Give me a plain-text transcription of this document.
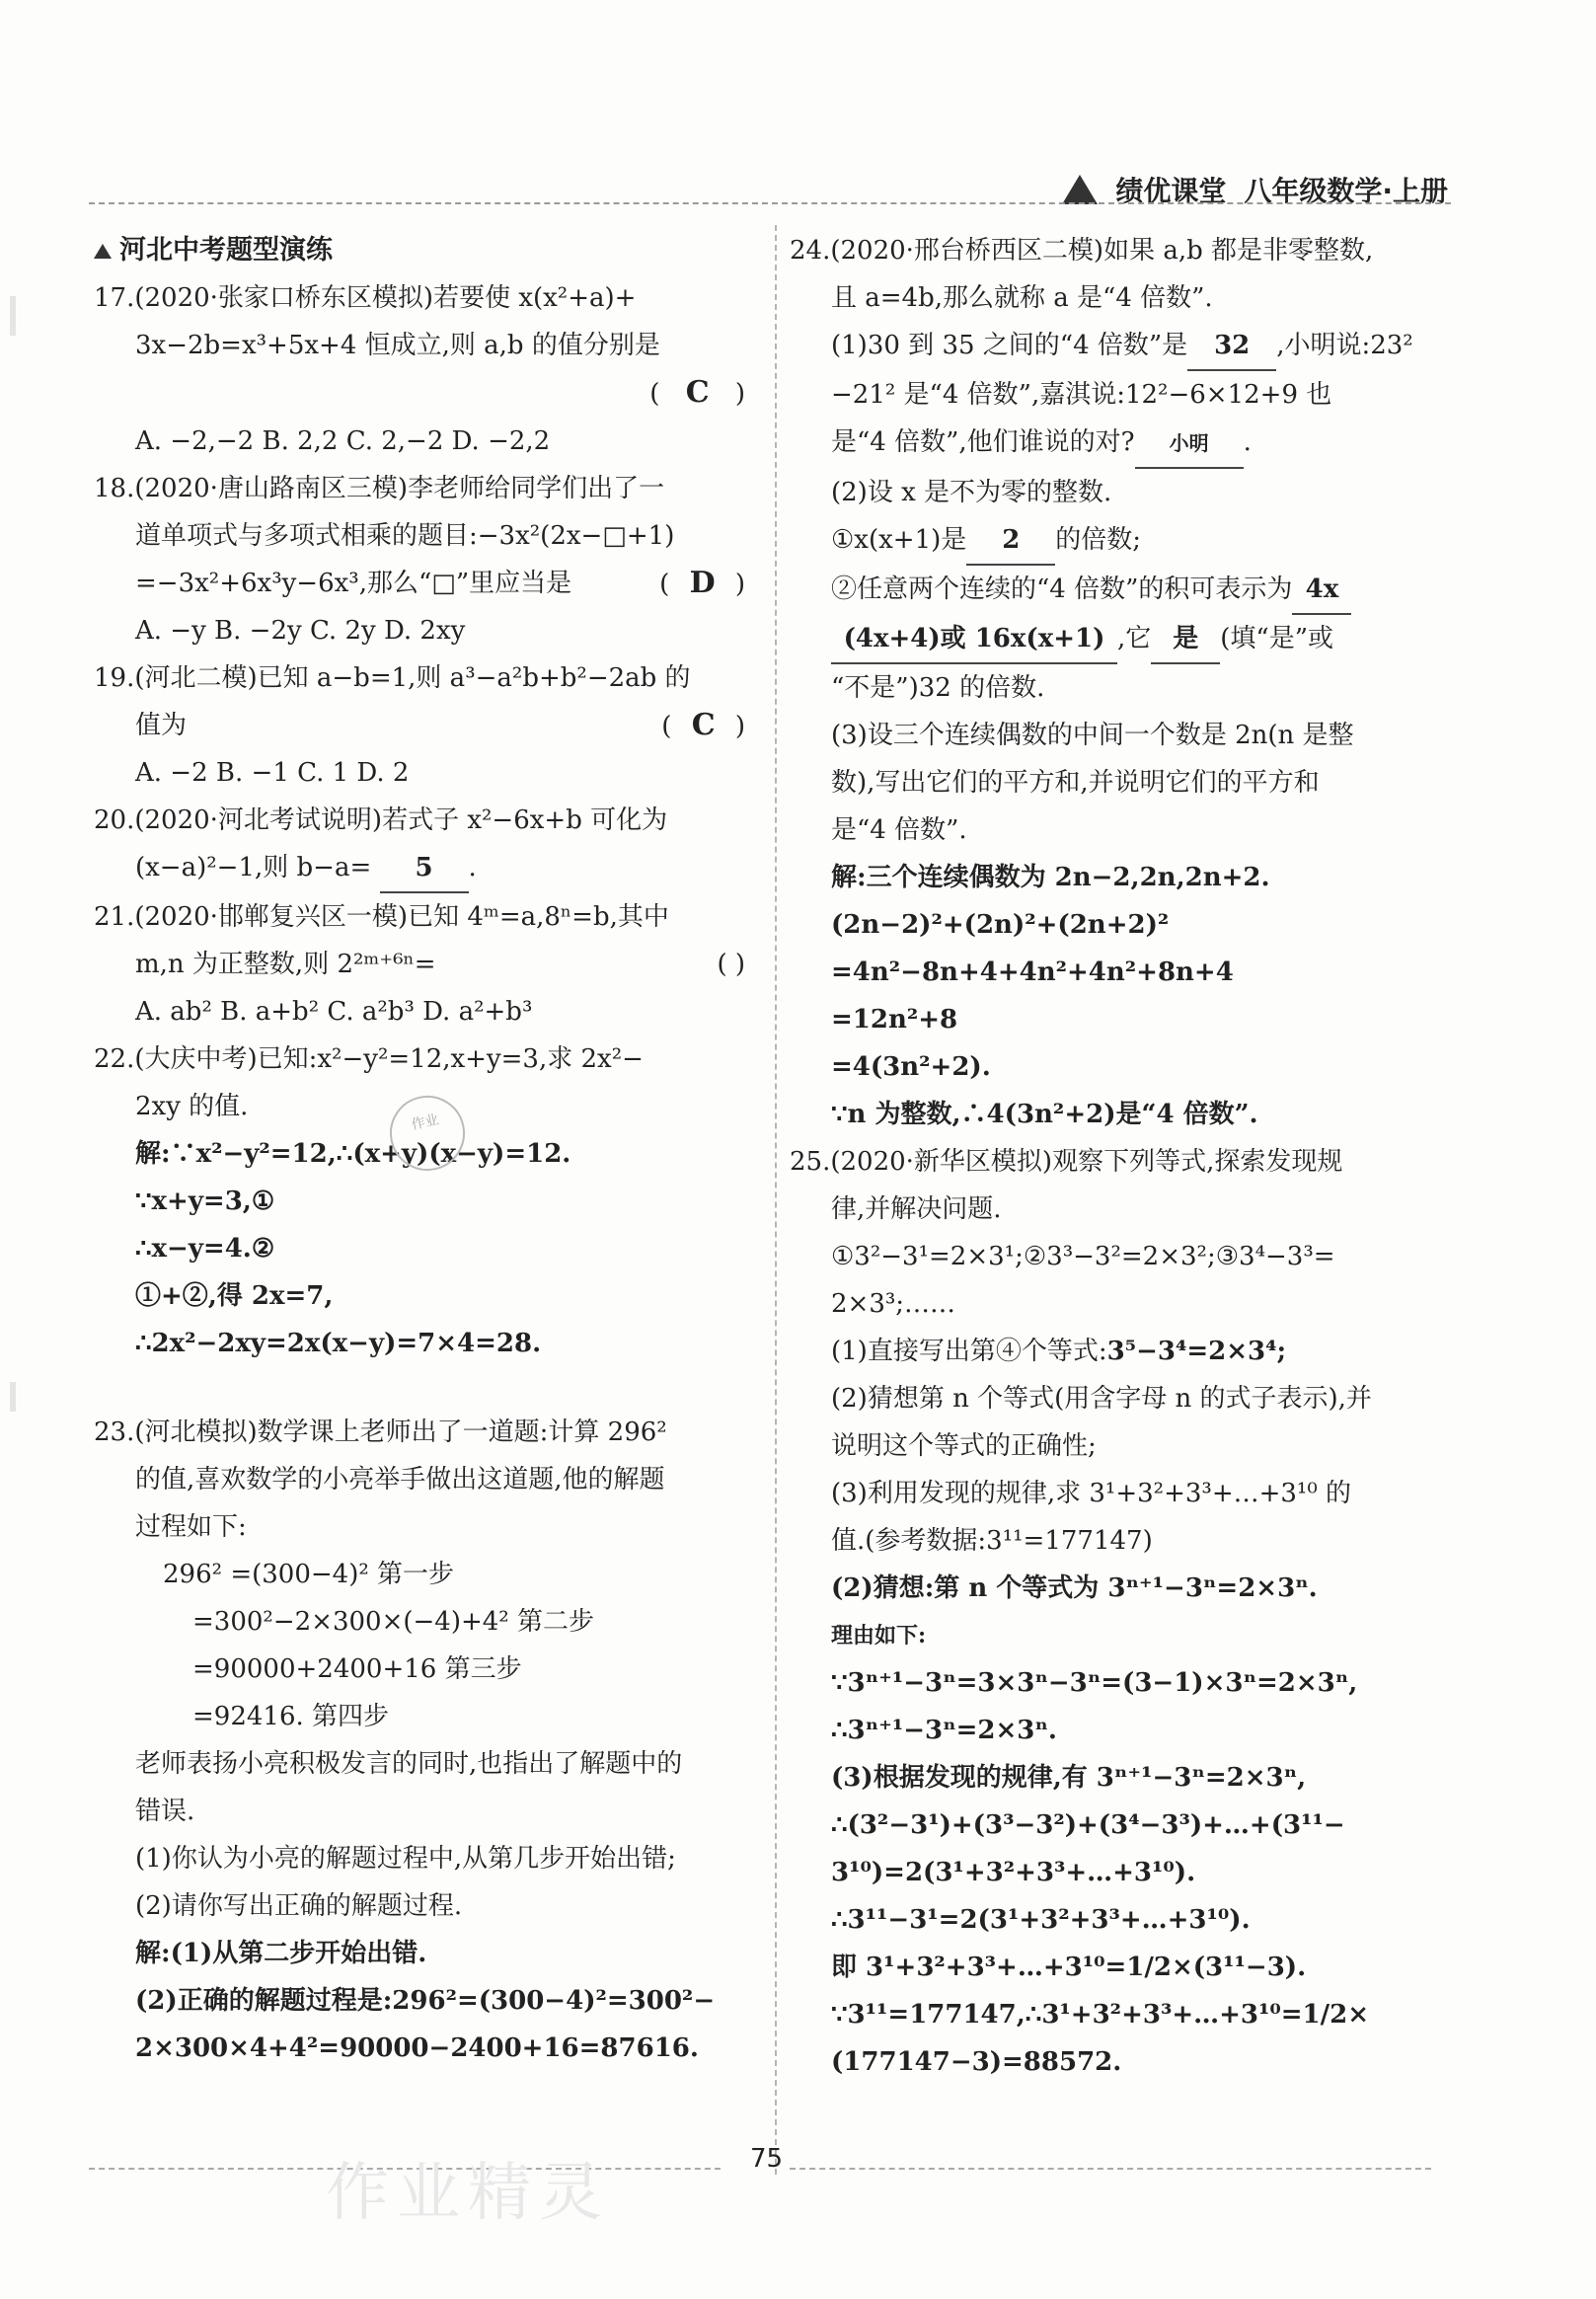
绩优课堂 八年级数学·上册
河北中考题型演练

17.(2020·张家口桥东区模拟)若要使 x(x²+a)+

3x−2b=x³+5x+4 恒成立,则 a,b 的值分别是

( C )

A. −2,−2 B. 2,2 C. 2,−2 D. −2,2

18.(2020·唐山路南区三模)李老师给同学们出了一

道单项式与多项式相乘的题目:−3x²(2x−□+1)

=−3x²+6x³y−6x³,那么“□”里应当是	( D )

A. −y B. −2y C. 2y D. 2xy

19.(河北二模)已知 a−b=1,则 a³−a²b+b²−2ab 的

值为	( C )

A. −2 B. −1 C. 1 D. 2

20.(2020·河北考试说明)若式子 x²−6x+b 可化为

(x−a)²−1,则 b−a= 5 .

21.(2020·邯郸复兴区一模)已知 4ᵐ=a,8ⁿ=b,其中

m,n 为正整数,则 2²ᵐ⁺⁶ⁿ=	( )

A. ab² B. a+b² C. a²b³ D. a²+b³

22.(大庆中考)已知:x²−y²=12,x+y=3,求 2x²−

2xy 的值.

解:∵x²−y²=12,∴(x+y)(x−y)=12.

∵x+y=3,①

∴x−y=4.②

①+②,得 2x=7,

∴2x²−2xy=2x(x−y)=7×4=28.

23.(河北模拟)数学课上老师出了一道题:计算 296²

的值,喜欢数学的小亮举手做出这道题,他的解题

过程如下:

296² =(300−4)² 第一步

=300²−2×300×(−4)+4² 第二步

=90000+2400+16 第三步

=92416. 第四步

老师表扬小亮积极发言的同时,也指出了解题中的

错误.

(1)你认为小亮的解题过程中,从第几步开始出错;

(2)请你写出正确的解题过程.

解:(1)从第二步开始出错.

(2)正确的解题过程是:296²=(300−4)²=300²−

2×300×4+4²=90000−2400+16=87616.

作业

24.(2020·邢台桥西区二模)如果 a,b 都是非零整数,

且 a=4b,那么就称 a 是“4 倍数”.

(1)30 到 35 之间的“4 倍数”是 32 ,小明说:23²

−21² 是“4 倍数”,嘉淇说:12²−6×12+9 也

是“4 倍数”,他们谁说的对? 小明 .

(2)设 x 是不为零的整数.

①x(x+1)是 2 的倍数;

②任意两个连续的“4 倍数”的积可表示为 4x

(4x+4)或 16x(x+1) ,它 是 (填“是”或

“不是”)32 的倍数.

(3)设三个连续偶数的中间一个数是 2n(n 是整

数),写出它们的平方和,并说明它们的平方和

是“4 倍数”.

解:三个连续偶数为 2n−2,2n,2n+2.

(2n−2)²+(2n)²+(2n+2)²

=4n²−8n+4+4n²+4n²+8n+4

=12n²+8

=4(3n²+2).

∵n 为整数,∴4(3n²+2)是“4 倍数”.

25.(2020·新华区模拟)观察下列等式,探索发现规

律,并解决问题.

①3²−3¹=2×3¹;②3³−3²=2×3²;③3⁴−3³=

2×3³;……

(1)直接写出第④个等式:3⁵−3⁴=2×3⁴;

(2)猜想第 n 个等式(用含字母 n 的式子表示),并

说明这个等式的正确性;

(3)利用发现的规律,求 3¹+3²+3³+…+3¹⁰ 的

值.(参考数据:3¹¹=177147)

(2)猜想:第 n 个等式为 3ⁿ⁺¹−3ⁿ=2×3ⁿ.

理由如下:

∵3ⁿ⁺¹−3ⁿ=3×3ⁿ−3ⁿ=(3−1)×3ⁿ=2×3ⁿ,

∴3ⁿ⁺¹−3ⁿ=2×3ⁿ.

(3)根据发现的规律,有 3ⁿ⁺¹−3ⁿ=2×3ⁿ,

∴(3²−3¹)+(3³−3²)+(3⁴−3³)+…+(3¹¹−

3¹⁰)=2(3¹+3²+3³+…+3¹⁰).

∴3¹¹−3¹=2(3¹+3²+3³+…+3¹⁰).

即 3¹+3²+3³+…+3¹⁰=1/2×(3¹¹−3).

∵3¹¹=177147,∴3¹+3²+3³+…+3¹⁰=1/2×

(177147−3)=88572.

75
作业精灵
